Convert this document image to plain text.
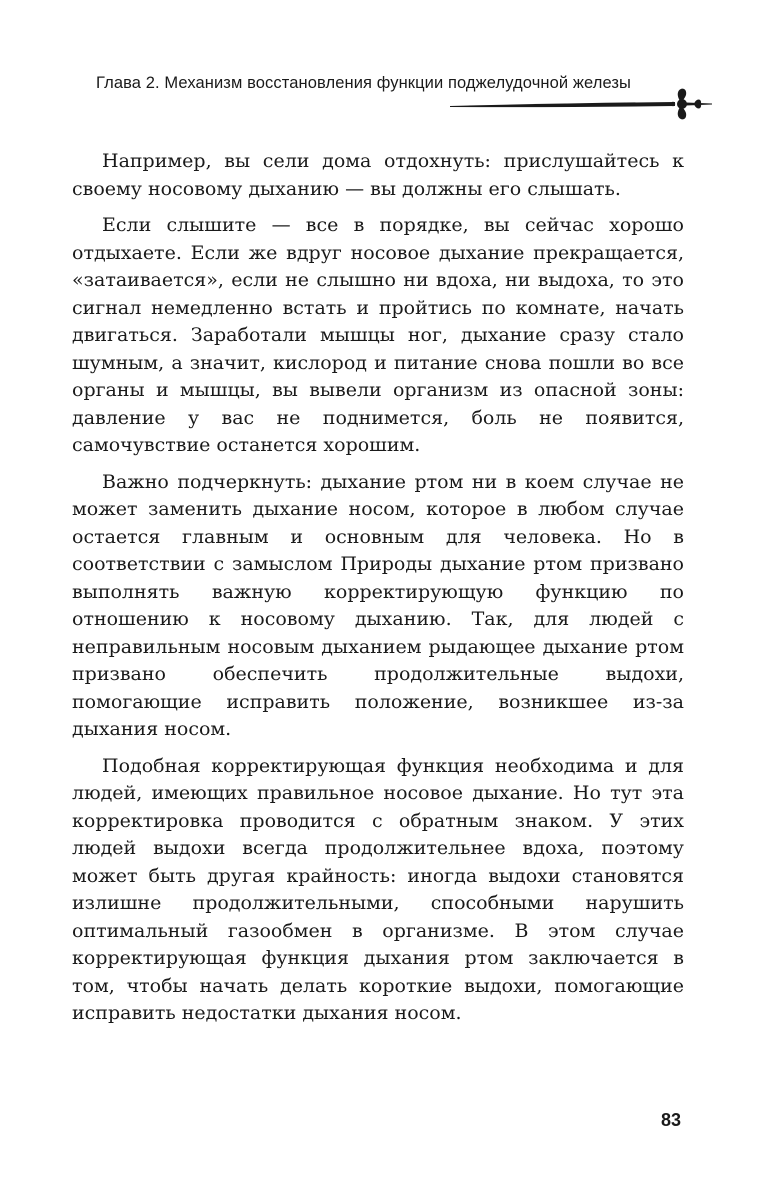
Глава 2. Механизм восстановления функции поджелудочной железы

Например, вы сели дома отдохнуть: прислушайтесь к своему носовому дыханию — вы должны его слышать.

Если слышите — все в порядке, вы сейчас хорошо отдыхаете. Если же вдруг носовое дыхание прекращается, «затаивается», если не слышно ни вдоха, ни выдоха, то это сигнал немедленно встать и пройтись по комнате, начать двигаться. Заработали мышцы ног, дыхание сразу стало шумным, а значит, кислород и питание снова пошли во все органы и мышцы, вы вывели организм из опасной зоны: давление у вас не поднимется, боль не появится, самочувствие останется хорошим.

Важно подчеркнуть: дыхание ртом ни в коем случае не может заменить дыхание носом, которое в любом случае остается главным и основным для человека. Но в соответствии с замыслом Природы дыхание ртом призвано выполнять важную корректирующую функцию по отношению к носовому дыханию. Так, для людей с неправильным носовым дыханием рыдающее дыхание ртом призвано обеспечить продолжительные выдохи, помогающие исправить положение, возникшее из-за дыхания носом.

Подобная корректирующая функция необходима и для людей, имеющих правильное носовое дыхание. Но тут эта корректировка проводится с обратным знаком. У этих людей выдохи всегда продолжительнее вдоха, поэтому может быть другая крайность: иногда выдохи становятся излишне продолжительными, способными нарушить оптимальный газообмен в организме. В этом случае корректирующая функция дыхания ртом заключается в том, чтобы начать делать короткие выдохи, помогающие исправить недостатки дыхания носом.

83
